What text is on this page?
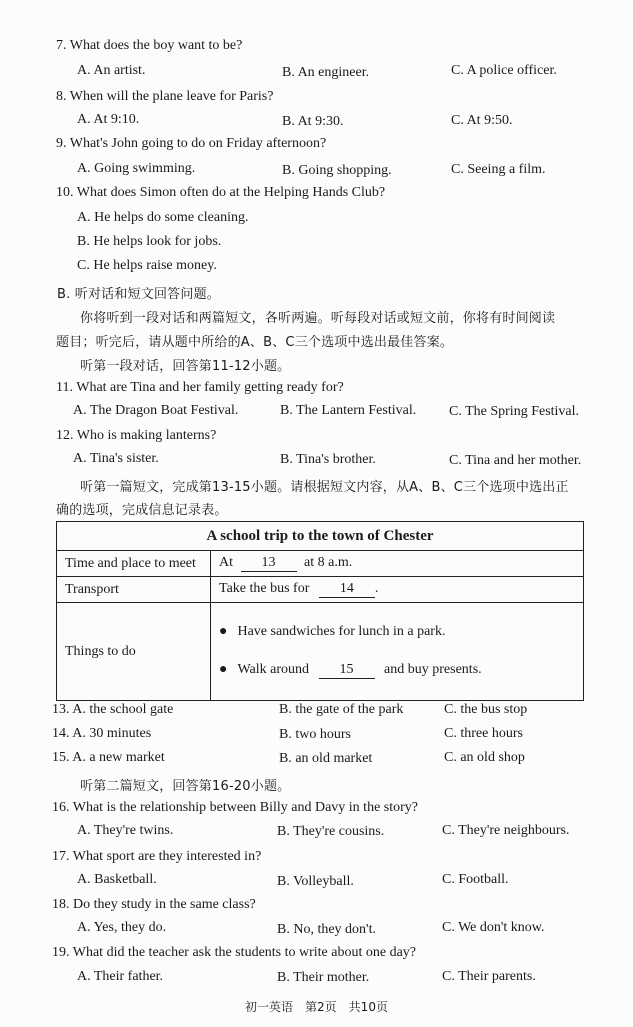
7. What does the boy want to be?
A. An artist.	B. An engineer.	C. A police officer.
8. When will the plane leave for Paris?
A. At 9:10.	B. At 9:30.	C. At 9:50.
9. What's John going to do on Friday afternoon?
A. Going swimming.	B. Going shopping.	C. Seeing a film.
10. What does Simon often do at the Helping Hands Club?
A. He helps do some cleaning.
B. He helps look for jobs.
C. He helps raise money.
B. 听对话和短文回答问题。
你将听到一段对话和两篇短文，各听两遍。听每段对话或短文前，你将有时间阅读
题目；听完后，请从题中所给的A、B、C三个选项中选出最佳答案。
听第一段对话，回答第11-12小题。
11. What are Tina and her family getting ready for?
A. The Dragon Boat Festival.	B. The Lantern Festival. C. The Spring Festival.
12. Who is making lanterns?
A. Tina's sister.	B. Tina's brother.	C. Tina and her mother.
听第一篇短文，完成第13-15小题。请根据短文内容，从A、B、C三个选项中选出正
确的选项，完成信息记录表。
A school trip to the town of Chester	
Time and place to meet	At 13 at 8 a.m.
Transport	Take the bus for 14 .
Things to do	● Have sandwiches for lunch in a park.
● Walk around 15 and buy presents.
13. A. the school gate	B. the gate of the park	C. the bus stop
14. A. 30 minutes	B. two hours	C. three hours
15. A. a new market	B. an old market	C. an old shop
听第二篇短文，回答第16-20小题。
16. What is the relationship between Billy and Davy in the story?
A. They're twins.	B. They're cousins.	C. They're neighbours.
17. What sport are they interested in?
A. Basketball.	B. Volleyball.	C. Football.
18. Do they study in the same class?
A. Yes, they do.	B. No, they don't.	C. We don't know.
19. What did the teacher ask the students to write about one day?
A. Their father.	B. Their mother.	C. Their parents.
初一英语　第2页　共10页
